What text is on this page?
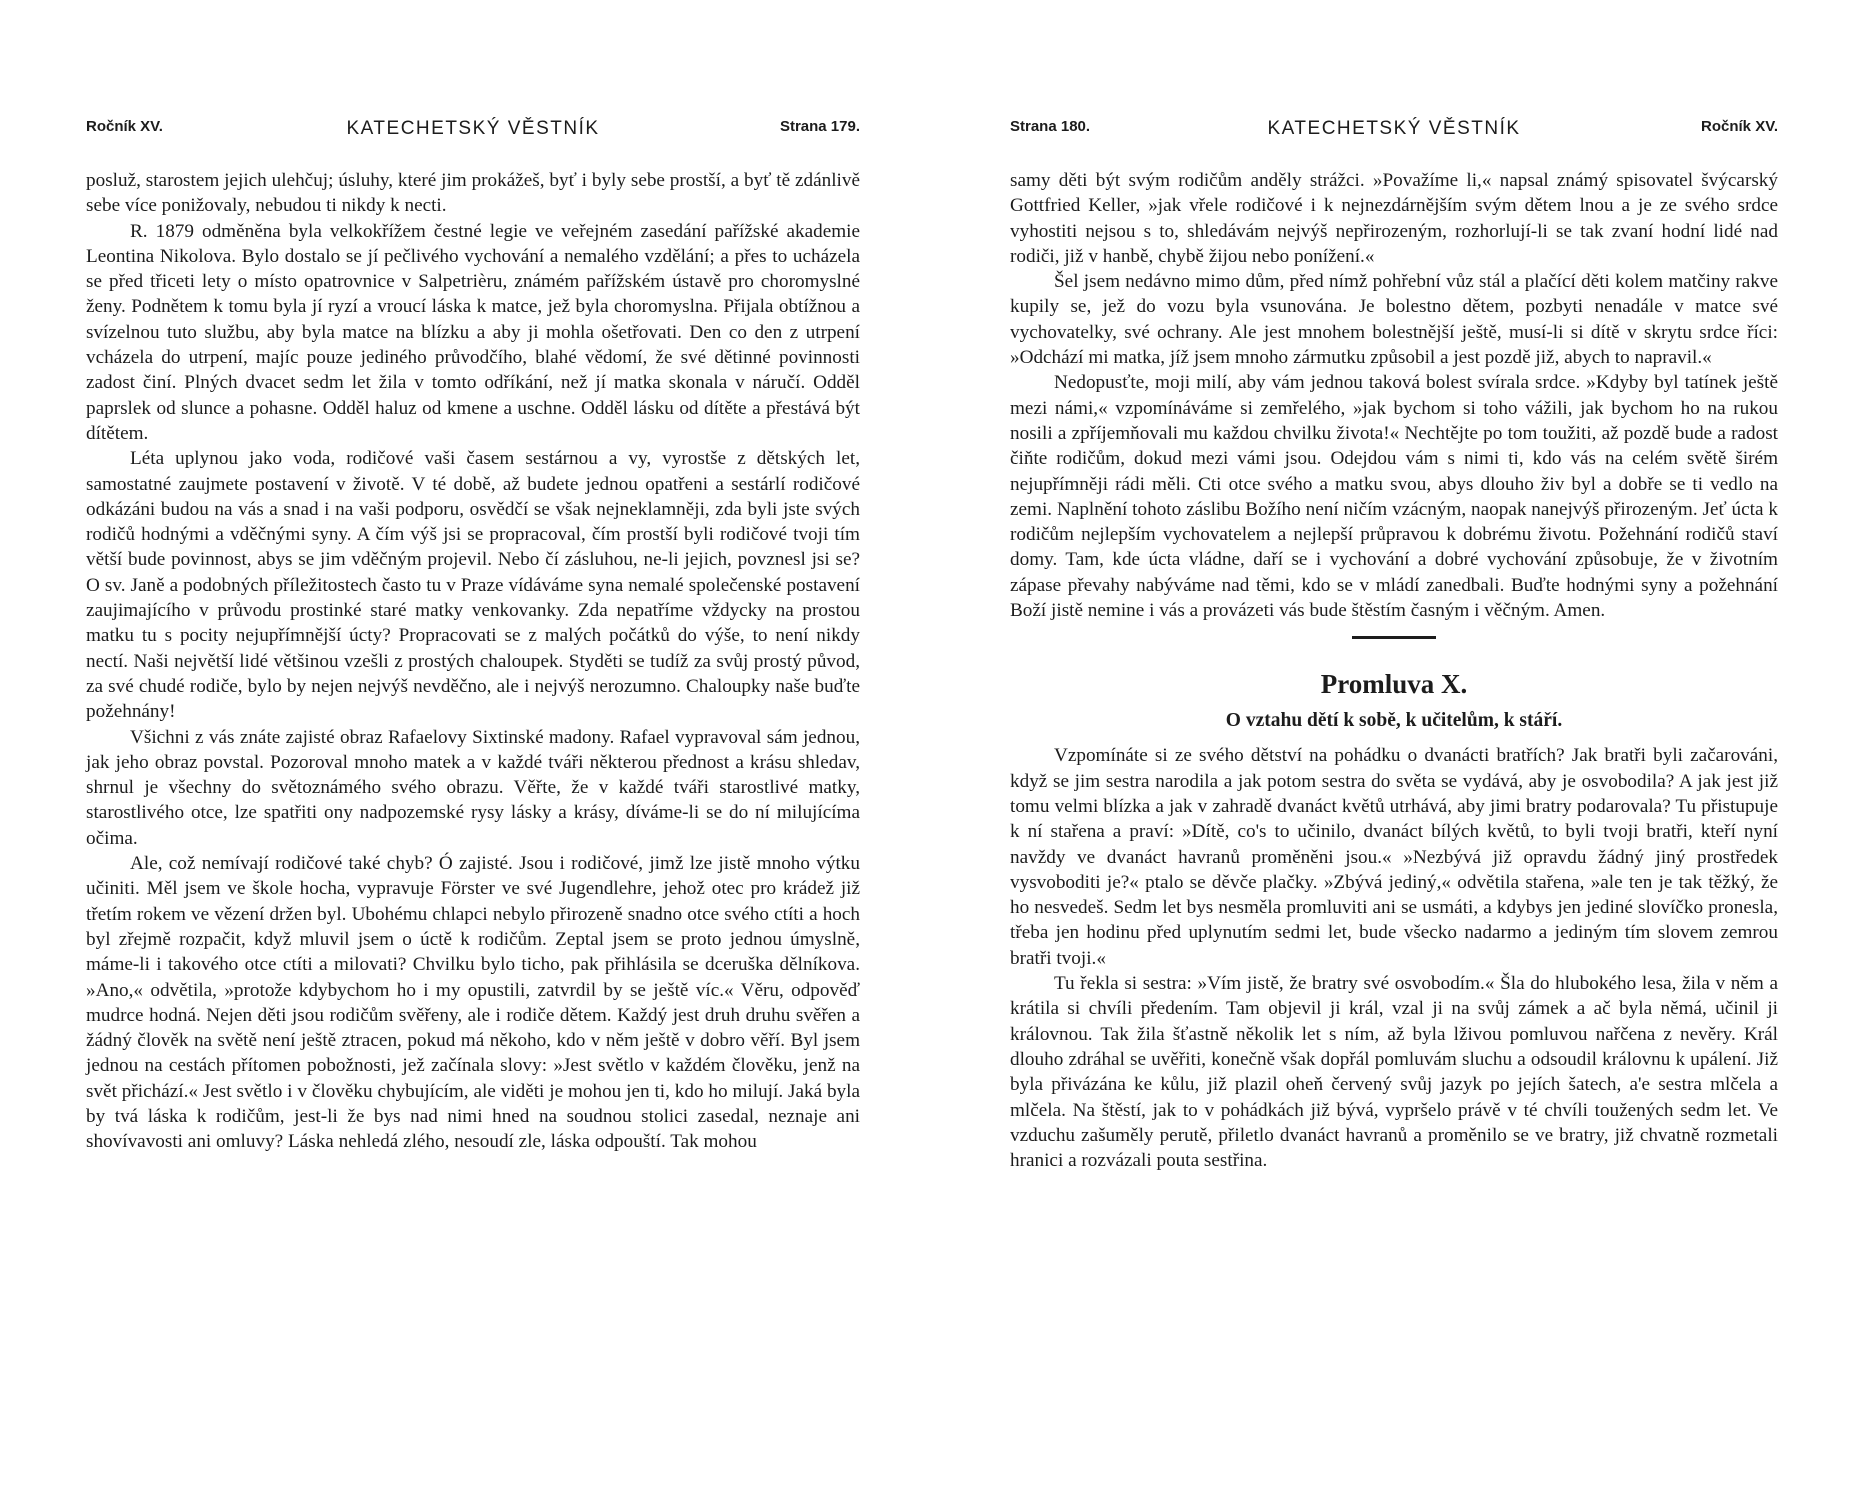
Ročník XV.	KATECHETSKÝ VĚSTNÍK	Strana 179.

posluž, starostem jejich ulehčuj; úsluhy, které jim prokážeš, byť i byly sebe prostší, a byť tě zdánlivě sebe více ponižovaly, nebudou ti nikdy k necti.

R. 1879 odměněna byla velkokřížem čestné legie ve veřejném zasedání pařížské akademie Leontina Nikolova. Bylo dostalo se jí pečlivého vychování a nemalého vzdělání; a přes to ucházela se před třiceti lety o místo opatrovnice v Salpetrièru, známém pařížském ústavě pro choromyslné ženy. Podnětem k tomu byla jí ryzí a vroucí láska k matce, jež byla choromyslna. Přijala obtížnou a svízelnou tuto službu, aby byla matce na blízku a aby ji mohla ošetřovati. Den co den z utrpení vcházela do utrpení, majíc pouze jediného průvodčího, blahé vědomí, že své dětinné povinnosti zadost činí. Plných dvacet sedm let žila v tomto odříkání, než jí matka skonala v náručí. Odděl paprslek od slunce a pohasne. Odděl haluz od kmene a uschne. Odděl lásku od dítěte a přestává být dítětem.

Léta uplynou jako voda, rodičové vaši časem sestárnou a vy, vyrostše z dětských let, samostatné zaujmete postavení v životě. V té době, až budete jednou opatřeni a sestárlí rodičové odkázáni budou na vás a snad i na vaši podporu, osvědčí se však nejneklamněji, zda byli jste svých rodičů hodnými a vděčnými syny. A čím výš jsi se propracoval, čím prostší byli rodičové tvoji tím větší bude povinnost, abys se jim vděčným projevil. Nebo čí zásluhou, ne-li jejich, povznesl jsi se? O sv. Janě a podobných příležitostech často tu v Praze vídáváme syna nemalé společenské postavení zaujimajícího v průvodu prostinké staré matky venkovanky. Zda nepatříme vždycky na prostou matku tu s pocity nejupřímnější úcty? Propracovati se z malých počátků do výše, to není nikdy nectí. Naši největší lidé většinou vzešli z prostých chaloupek. Styděti se tudíž za svůj prostý původ, za své chudé rodiče, bylo by nejen nejvýš nevděčno, ale i nejvýš nerozumno. Chaloupky naše buďte požehnány!

Všichni z vás znáte zajisté obraz Rafaelovy Sixtinské madony. Rafael vypravoval sám jednou, jak jeho obraz povstal. Pozoroval mnoho matek a v každé tváři některou přednost a krásu shledav, shrnul je všechny do světoznámého svého obrazu. Věřte, že v každé tváři starostlivé matky, starostlivého otce, lze spatřiti ony nadpozemské rysy lásky a krásy, díváme-li se do ní milujícíma očima.

Ale, což nemívají rodičové také chyb? Ó zajisté. Jsou i rodičové, jimž lze jistě mnoho výtku učiniti. Měl jsem ve škole hocha, vypravuje Förster ve své Jugendlehre, jehož otec pro krádež již třetím rokem ve vězení držen byl. Ubohému chlapci nebylo přirozeně snadno otce svého ctíti a hoch byl zřejmě rozpačit, když mluvil jsem o úctě k rodičům. Zeptal jsem se proto jednou úmyslně, máme-li i takového otce ctíti a milovati? Chvilku bylo ticho, pak přihlásila se dceruška dělníkova. »Ano,« odvětila, »protože kdybychom ho i my opustili, zatvrdil by se ještě víc.« Věru, odpověď mudrce hodná. Nejen děti jsou rodičům svěřeny, ale i rodiče dětem. Každý jest druh druhu svěřen a žádný člověk na světě není ještě ztracen, pokud má někoho, kdo v něm ještě v dobro věří. Byl jsem jednou na cestách přítomen pobožnosti, jež začínala slovy: »Jest světlo v každém člověku, jenž na svět přichází.« Jest světlo i v člověku chybujícím, ale viděti je mohou jen ti, kdo ho milují. Jaká byla by tvá láska k rodičům, jest-li že bys nad nimi hned na soudnou stolici zasedal, neznaje ani shovívavosti ani omluvy? Láska nehledá zlého, nesoudí zle, láska odpouští. Tak mohou

Strana 180.	KATECHETSKÝ VĚSTNÍK	Ročník XV.

samy děti být svým rodičům anděly strážci. »Považíme li,« napsal známý spisovatel švýcarský Gottfried Keller, »jak vřele rodičové i k nejnezdárnějším svým dětem lnou a je ze svého srdce vyhostiti nejsou s to, shledávám nejvýš nepřirozeným, rozhorlují-li se tak zvaní hodní lidé nad rodiči, již v hanbě, chybě žijou nebo ponížení.«

Šel jsem nedávno mimo dům, před nímž pohřební vůz stál a plačící děti kolem matčiny rakve kupily se, jež do vozu byla vsunována. Je bolestno dětem, pozbyti nenadále v matce své vychovatelky, své ochrany. Ale jest mnohem bolestnější ještě, musí-li si dítě v skrytu srdce říci: »Odchází mi matka, jíž jsem mnoho zármutku způsobil a jest pozdě již, abych to napravil.«

Nedopusťte, moji milí, aby vám jednou taková bolest svírala srdce. »Kdyby byl tatínek ještě mezi námi,« vzpomínáváme si zemřelého, »jak bychom si toho vážili, jak bychom ho na rukou nosili a zpříjemňovali mu každou chvilku života!« Nechtějte po tom toužiti, až pozdě bude a radost čiňte rodičům, dokud mezi vámi jsou. Odejdou vám s nimi ti, kdo vás na celém světě širém nejupřímněji rádi měli. Cti otce svého a matku svou, abys dlouho živ byl a dobře se ti vedlo na zemi. Naplnění tohoto záslibu Božího není ničím vzácným, naopak nanejvýš přirozeným. Jeť úcta k rodičům nejlepším vychovatelem a nejlepší průpravou k dobrému životu. Požehnání rodičů staví domy. Tam, kde úcta vládne, daří se i vychování a dobré vychování způsobuje, že v životním zápase převahy nabýváme nad těmi, kdo se v mládí zanedbali. Buďte hodnými syny a požehnání Boží jistě nemine i vás a provázeti vás bude štěstím časným i věčným. Amen.

Promluva X.
O vztahu dětí k sobě, k učitelům, k stáří.

Vzpomínáte si ze svého dětství na pohádku o dvanácti bratřích? Jak bratři byli začarováni, když se jim sestra narodila a jak potom sestra do světa se vydává, aby je osvobodila? A jak jest již tomu velmi blízka a jak v zahradě dvanáct květů utrhává, aby jimi bratry podarovala? Tu přistupuje k ní stařena a praví: »Dítě, co's to učinilo, dvanáct bílých květů, to byli tvoji bratři, kteří nyní navždy ve dvanáct havranů proměněni jsou.« »Nezbývá již opravdu žádný jiný prostředek vysvoboditi je?« ptalo se děvče plačky. »Zbývá jediný,« odvětila stařena, »ale ten je tak těžký, že ho nesvedeš. Sedm let bys nesměla promluviti ani se usmáti, a kdybys jen jediné slovíčko pronesla, třeba jen hodinu před uplynutím sedmi let, bude všecko nadarmo a jediným tím slovem zemrou bratři tvoji.«

Tu řekla si sestra: »Vím jistě, že bratry své osvobodím.« Šla do hlubokého lesa, žila v něm a krátila si chvíli předením. Tam objevil ji král, vzal ji na svůj zámek a ač byla němá, učinil ji královnou. Tak žila šťastně několik let s ním, až byla lživou pomluvou nařčena z nevěry. Král dlouho zdráhal se uvěřiti, konečně však dopřál pomluvám sluchu a odsoudil královnu k upálení. Již byla přivázána ke kůlu, již plazil oheň červený svůj jazyk po jejích šatech, a'e sestra mlčela a mlčela. Na štěstí, jak to v pohádkách již bývá, vypršelo právě v té chvíli toužených sedm let. Ve vzduchu zašuměly perutě, přiletlo dvanáct havranů a proměnilo se ve bratry, již chvatně rozmetali hranici a rozvázali pouta sestřina.
